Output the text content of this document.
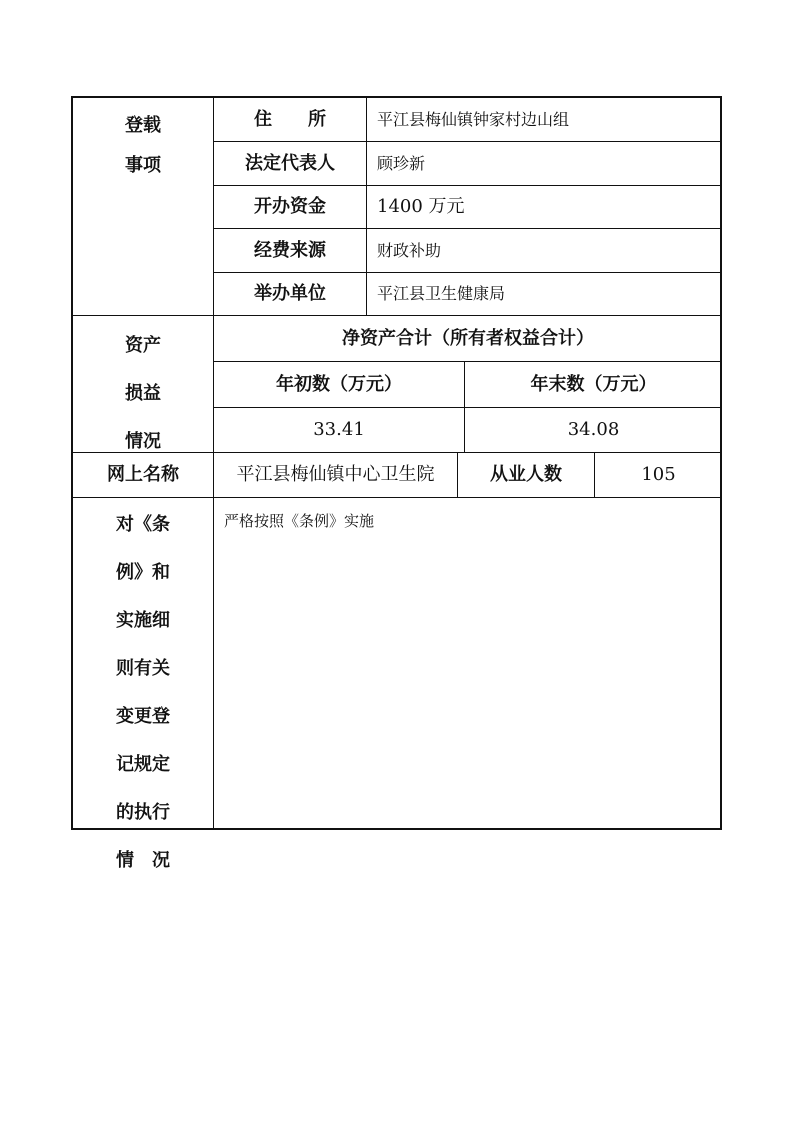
登载
事项
住　　所	平江县梅仙镇钟家村边山组
法定代表人	顾珍新
开办资金	1400 万元
经费来源	财政补助
举办单位	平江县卫生健康局
资产
损益
情况
净资产合计（所有者权益合计）
年初数（万元）	年末数（万元）
33.41	34.08
网上名称	平江县梅仙镇中心卫生院	从业人数	105
对《条
例》和
实施细
则有关
变更登
记规定
的执行
情　况
严格按照《条例》实施
